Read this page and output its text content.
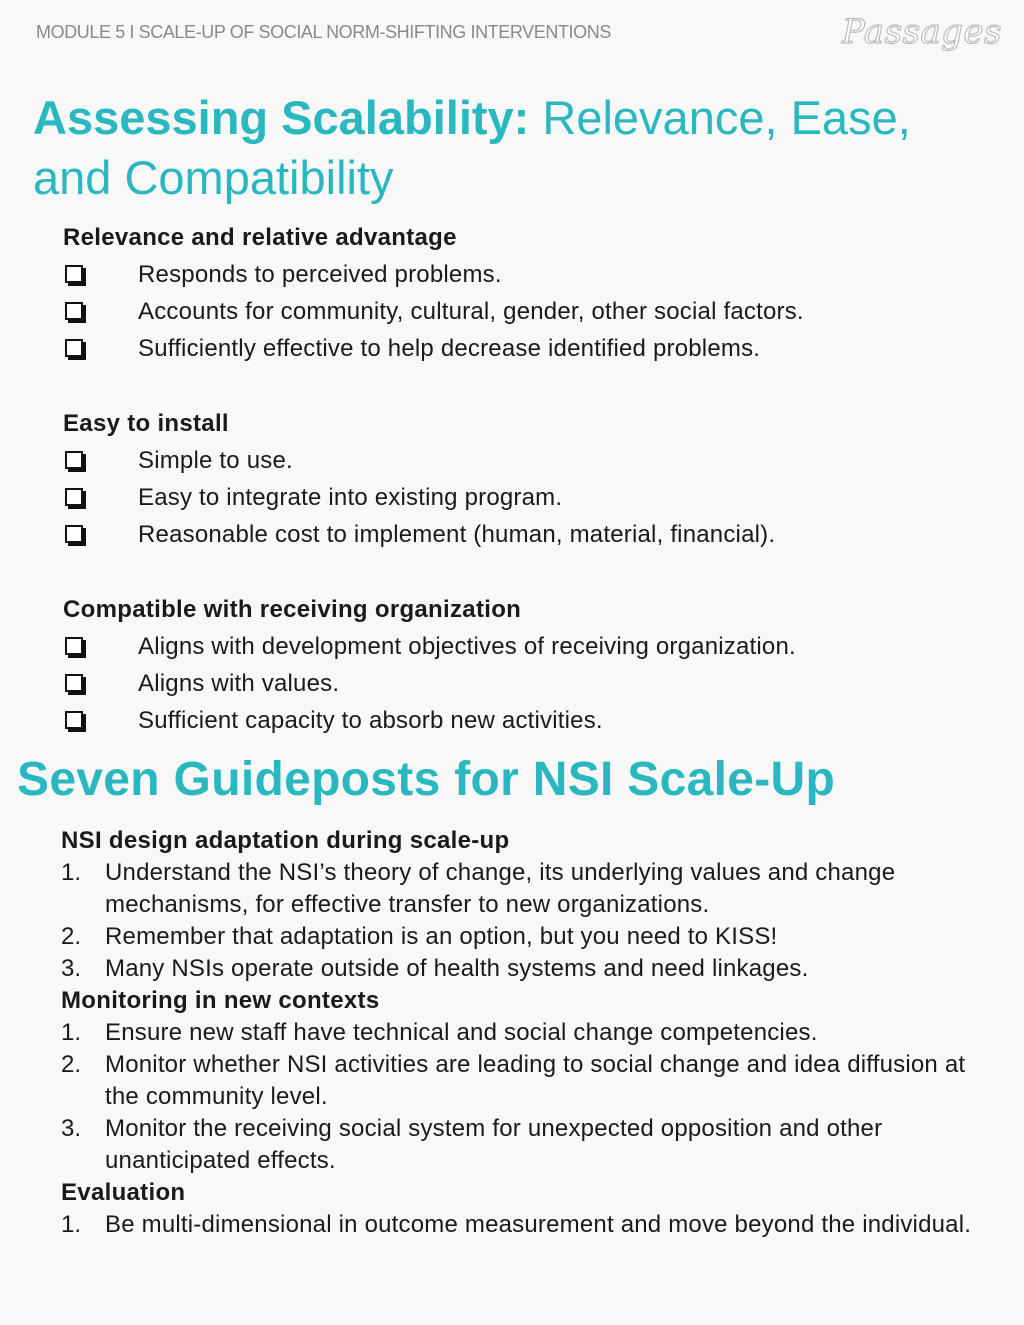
MODULE 5 I SCALE-UP OF SOCIAL NORM-SHIFTING INTERVENTIONS	Passages
Assessing Scalability: Relevance, Ease, and Compatibility
Relevance and relative advantage
Responds to perceived problems.
Accounts for community, cultural, gender, other social factors.
Sufficiently effective to help decrease identified problems.
Easy to install
Simple to use.
Easy to integrate into existing program.
Reasonable cost to implement (human, material, financial).
Compatible with receiving organization
Aligns with development objectives of receiving organization.
Aligns with values.
Sufficient capacity to absorb new activities.
Seven Guideposts for NSI Scale-Up
NSI design adaptation during scale-up
1. Understand the NSI’s theory of change, its underlying values and change mechanisms, for effective transfer to new organizations.
2. Remember that adaptation is an option, but you need to KISS!
3. Many NSIs operate outside of health systems and need linkages.
Monitoring in new contexts
1. Ensure new staff have technical and social change competencies.
2. Monitor whether NSI activities are leading to social change and idea diffusion at the community level.
3. Monitor the receiving social system for unexpected opposition and other unanticipated effects.
Evaluation
1. Be multi-dimensional in outcome measurement and move beyond the individual.
